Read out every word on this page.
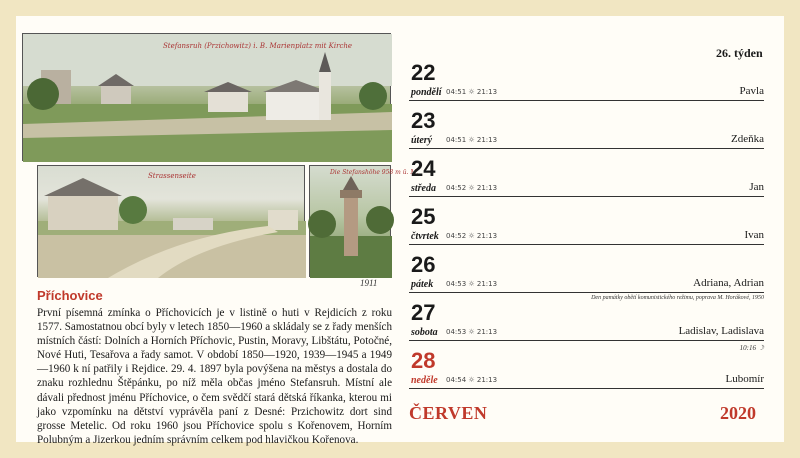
Stefansruh (Przichowitz) i. B. Marienplatz mit Kirche
Strassenseite	Die Stefanshöhe 958 m ü. M.
1911
Příchovice
První písemná zmínka o Příchovicích je v listině o huti v Rejdicích z roku 1577. Samostatnou obcí byly v letech 1850—1960 a skládaly se z řady menších místních částí: Dolních a Horních Příchovic, Pustin, Moravy, Libštátu, Potočné, Nové Huti, Tesařova a řady samot. V období 1850—1920, 1939—1945 a 1949—1960 k ní patřily i Rejdice. 29. 4. 1897 byla povýšena na městys a dostala do znaku rozhlednu Štěpánku, po níž měla občas jméno Stefansruh. Místní ale dávali přednost jménu Příchovice, o čem svědčí stará dětská říkanka, kterou mi jako vzpomínku na dětství vyprávěla paní z Desné: Przichowitz dort sind grosse Metelic. Od roku 1960 jsou Příchovice spolu s Kořenovem, Horním Polubným a Jizerkou jedním správním celkem pod hlavičkou Kořenova.
26. týden
22
pondělí 04:51 ☼ 21:13	Pavla
23
úterý 04:51 ☼ 21:13	Zdeňka
24
středa 04:52 ☼ 21:13	Jan
25
čtvrtek 04:52 ☼ 21:13	Ivan
26
pátek 04:53 ☼ 21:13	Adriana, Adrian
Den památky obětí komunistického režimu, poprava M. Horákové, 1950
27
sobota 04:53 ☼ 21:13	Ladislav, Ladislava
10:16 ☽
28
neděle 04:54 ☼ 21:13	Lubomír
ČERVEN	2020
